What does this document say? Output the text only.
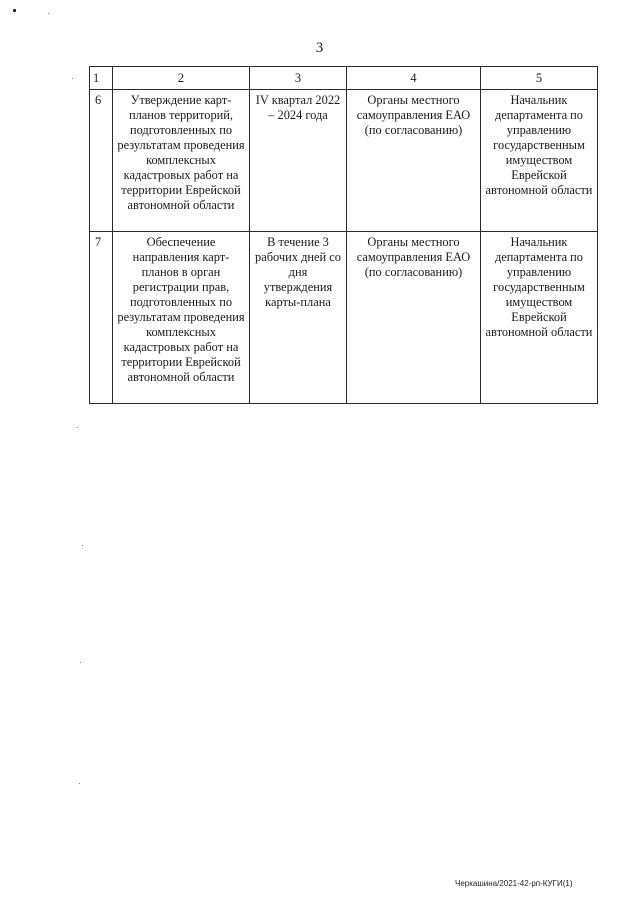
3
1	2	3	4	5
6	Утверждение карт-планов территорий, подготовленных по результатам проведения комплексных кадастровых работ на территории Еврейской автономной области	IV квартал 2022 – 2024 года	Органы местного самоуправления ЕАО (по согласованию)	Начальник департамента по управлению государственным имуществом Еврейской автономной области
7	Обеспечение направления карт-планов в орган регистрации прав, подготовленных по результатам проведения комплексных кадастровых работ на территории Еврейской автономной области	В течение 3 рабочих дней со дня утверждения карты-плана	Органы местного самоуправления ЕАО (по согласованию)	Начальник департамента по управлению государственным имуществом Еврейской автономной области
Черкашина/2021-42-рп-КУГИ(1)
